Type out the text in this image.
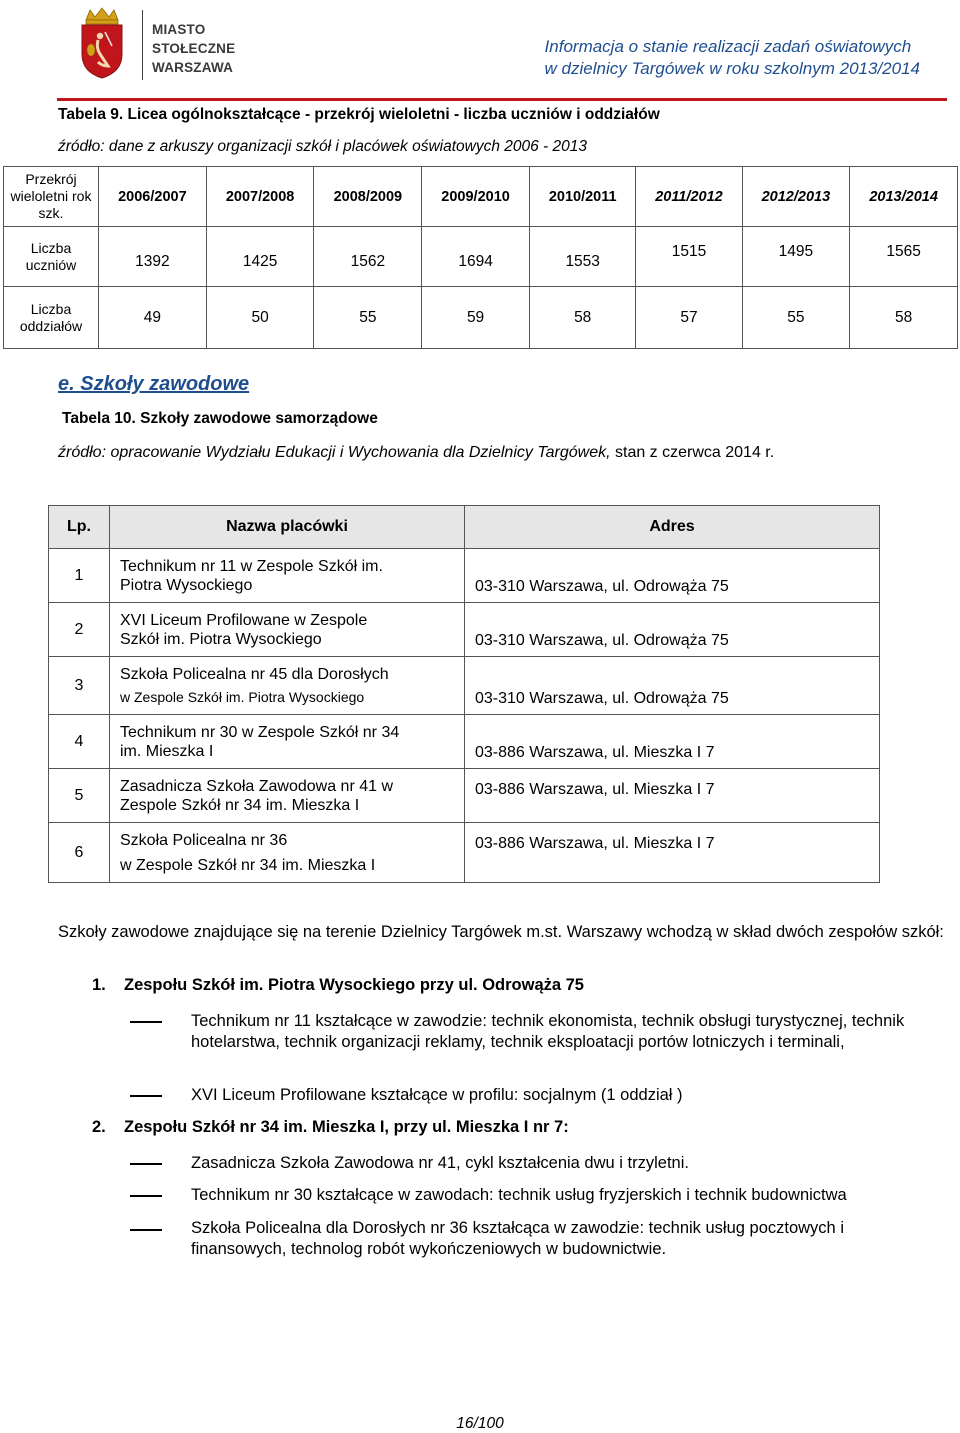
MIASTO
STOŁECZNE
WARSZAWA
Informacja o stanie realizacji zadań oświatowych
w dzielnicy Targówek w roku szkolnym 2013/2014
Tabela 9. Licea ogólnokształcące - przekrój wieloletni - liczba uczniów i oddziałów
źródło: dane z arkuszy organizacji szkół i placówek oświatowych 2006 - 2013
Przekrój wieloletni rok szk.	2006/2007	2007/2008	2008/2009	2009/2010	2010/2011	2011/2012	2012/2013	2013/2014
Liczba uczniów	1392	1425	1562	1694	1553	1515	1495	1565
Liczba oddziałów	49	50	55	59	58	57	55	58
e. Szkoły zawodowe
Tabela 10. Szkoły zawodowe samorządowe
źródło: opracowanie Wydziału Edukacji i Wychowania dla Dzielnicy Targówek, stan z czerwca 2014 r.
Lp.	Nazwa placówki	Adres
1	Technikum nr 11 w Zespole Szkół im.
Piotra Wysockiego	03-310 Warszawa, ul. Odrowąża 75
2	XVI Liceum Profilowane w Zespole
Szkół im. Piotra Wysockiego	03-310 Warszawa, ul. Odrowąża 75
3	Szkoła Policealna nr 45 dla Dorosłych
w Zespole Szkół im. Piotra Wysockiego	03-310 Warszawa, ul. Odrowąża 75
4	Technikum nr 30 w Zespole Szkół nr 34
im. Mieszka I	03-886 Warszawa, ul. Mieszka I 7
5	Zasadnicza Szkoła Zawodowa nr 41 w
Zespole Szkół nr 34 im. Mieszka I	03-886 Warszawa, ul. Mieszka I 7
6	Szkoła Policealna nr 36
w Zespole Szkół nr 34 im. Mieszka I	03-886 Warszawa, ul. Mieszka I 7
Szkoły zawodowe znajdujące się na terenie Dzielnicy Targówek m.st. Warszawy wchodzą w skład dwóch zespołów szkół:
1. Zespołu Szkół im. Piotra Wysockiego przy ul. Odrowąża 75
Technikum nr 11 kształcące w zawodzie: technik ekonomista, technik obsługi turystycznej, technik hotelarstwa, technik organizacji reklamy, technik eksploatacji portów lotniczych i terminali,
XVI Liceum Profilowane kształcące w profilu: socjalnym (1 oddział )
2. Zespołu Szkół nr 34 im. Mieszka I, przy ul. Mieszka I nr 7:
Zasadnicza Szkoła Zawodowa nr 41, cykl kształcenia dwu i trzyletni.
Technikum nr 30 kształcące w zawodach: technik usług fryzjerskich i technik budownictwa
Szkoła Policealna dla Dorosłych nr 36 kształcąca w zawodzie: technik usług pocztowych i finansowych, technolog robót wykończeniowych w budownictwie.
16/100
